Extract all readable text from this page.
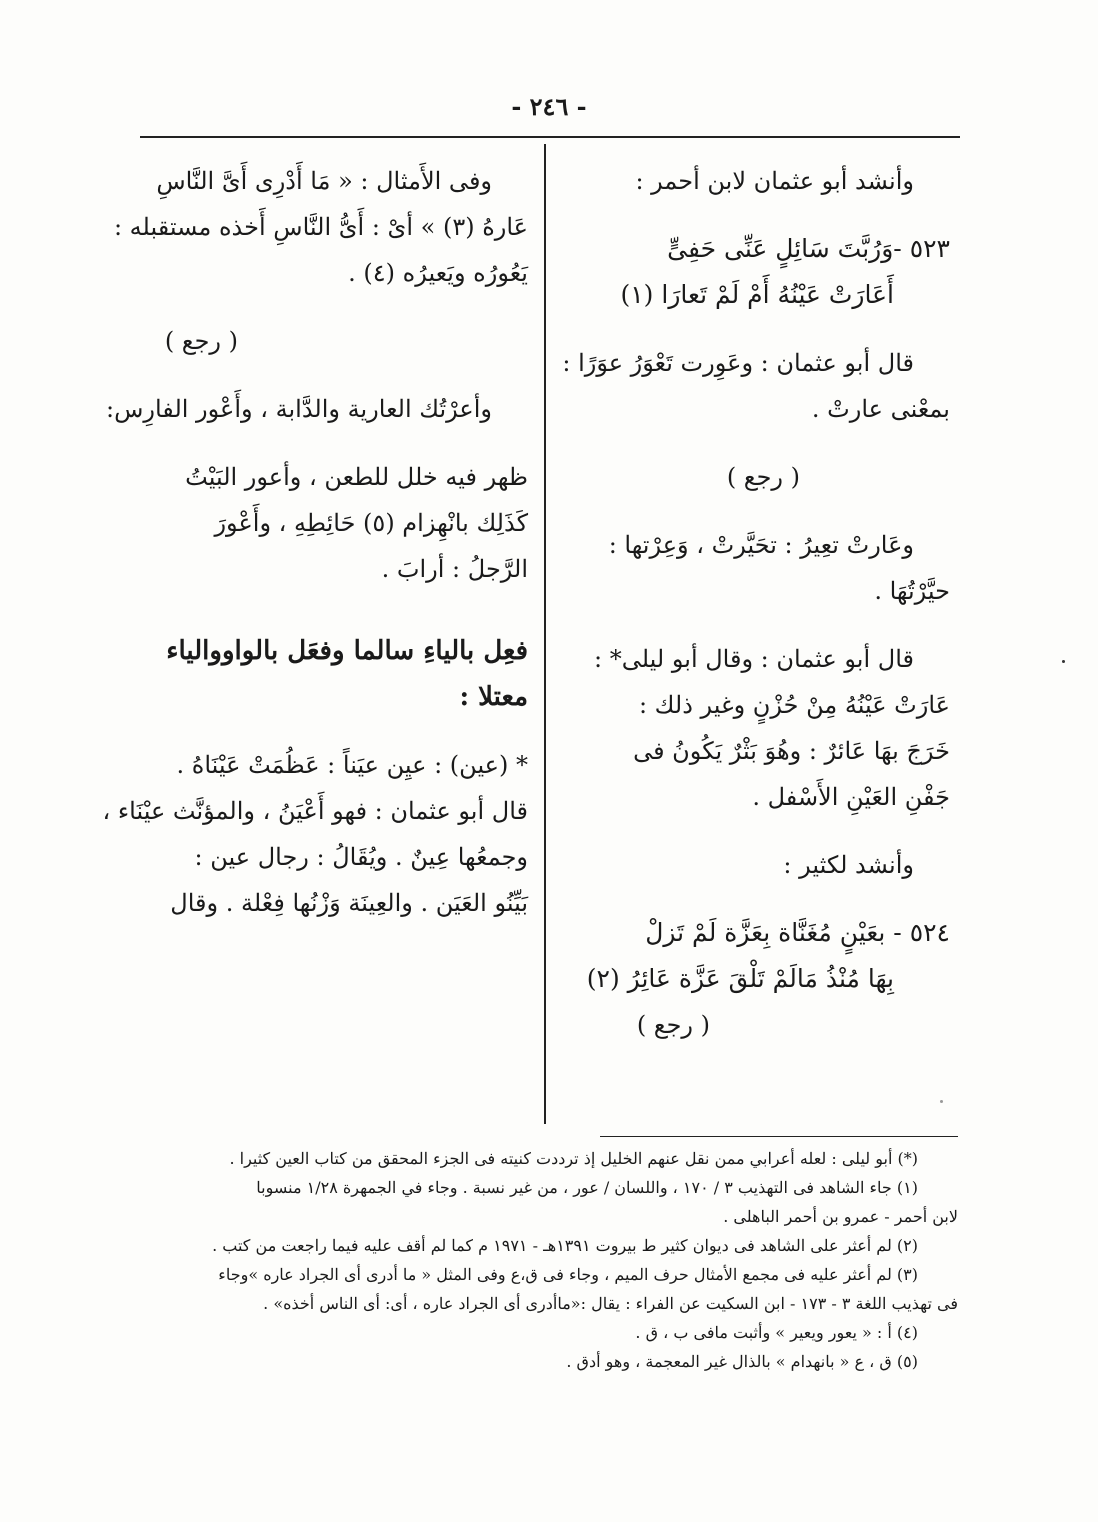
- ٢٤٦ -
وأنشد أبو عثمان لابن أحمر :
٥٢٣ -وَرُبَّتَ سَائِلٍ عَنِّى حَفِىٍّ
أَعَارَتْ عَيْنُهُ أَمْ لَمْ تَعارَا (١)
قال أبو عثمان : وعَوِرت تَعْوَرُ عوَرًا :
بمعْنى عارتْ .
( رجع )
وعَارتْ تعِيرُ : تحَيَّرتْ ، وَعِرْتها :
حيَّرْتُهَا .
قال أبو عثمان : وقال أبو ليلى* :
عَارَتْ عَيْنُهُ مِنْ حُزْنٍ وغير ذلك :
خَرَجَ بهَا عَائرٌ : وهُوَ بَثْرٌ يَكُونُ فى
جَفْنِ العَيْنِ الأَسْفل .
وأنشد لكثير :
٥٢٤ - بعَيْنٍ مُغَنَّاة بِعَزَّة لَمْ تَزلْ
بِهَا مُنْذُ مَالَمْ تَلْقَ عَزَّة عَائِرُ (٢)
( رجع )
وفى الأَمثال : « مَا أَدْرِى أَىَّ النَّاسِ
عَارهُ (٣) » أىْ : أَىُّ النَّاسِ أَخذه مستقبله :
يَعُورُه ويَعيرُه (٤) .
( رجع )
وأعرْتُك العارية والدَّابة ، وأَعْور الفارِس:
ظهر فيه خلل للطعن ، وأعور البَيْتُ
كَذَلِك بانْهِزام (٥) حَائِطِهِ ، وأَعْورَ
الرَّجلُ : أرابَ .
فعِل بالياءِ سالما وفعَل بالواووالياء
معتلا :
* (عين) : عيِن عيَناً : عَظُمَتْ عَيْنَاهُ .
قال أبو عثمان : فهو أَعْيَنُ ، والمؤنَّث عيْنَاء ،
وجمعُها عِينٌ . ويُقَالُ : رجال عين :
بَيِّنُو العَيَن . والعِينَة وَزْنُها فِعْلة . وقال
(*) أبو ليلى : لعله أعرابي ممن نقل عنهم الخليل إذ ترددت كنيته فى الجزء المحقق من كتاب العين كثيرا .
(١) جاء الشاهد فى التهذيب ٣ / ١٧٠ ، واللسان / عور ، من غير نسبة . وجاء في الجمهرة ١/٢٨ منسوبا
لابن أحمر - عمرو بن أحمر الباهلى .
(٢) لم أعثر على الشاهد فى ديوان كثير ط بيروت ١٣٩١هـ - ١٩٧١ م كما لم أقف عليه فيما راجعت من كتب .
(٣) لم أعثر عليه فى مجمع الأمثال حرف الميم ، وجاء فى ق،ع وفى المثل « ما أدرى أى الجراد عاره »وجاء
فى تهذيب اللغة ٣ - ١٧٣ - ابن السكيت عن الفراء : يقال :«ماأدرى أى الجراد عاره ، أى: أى الناس أخذه» .
(٤) أ : « يعور ويعير » وأثبت مافى ب ، ق .
(٥) ق ، ع « بانهدام » بالذال غير المعجمة ، وهو أدق .
